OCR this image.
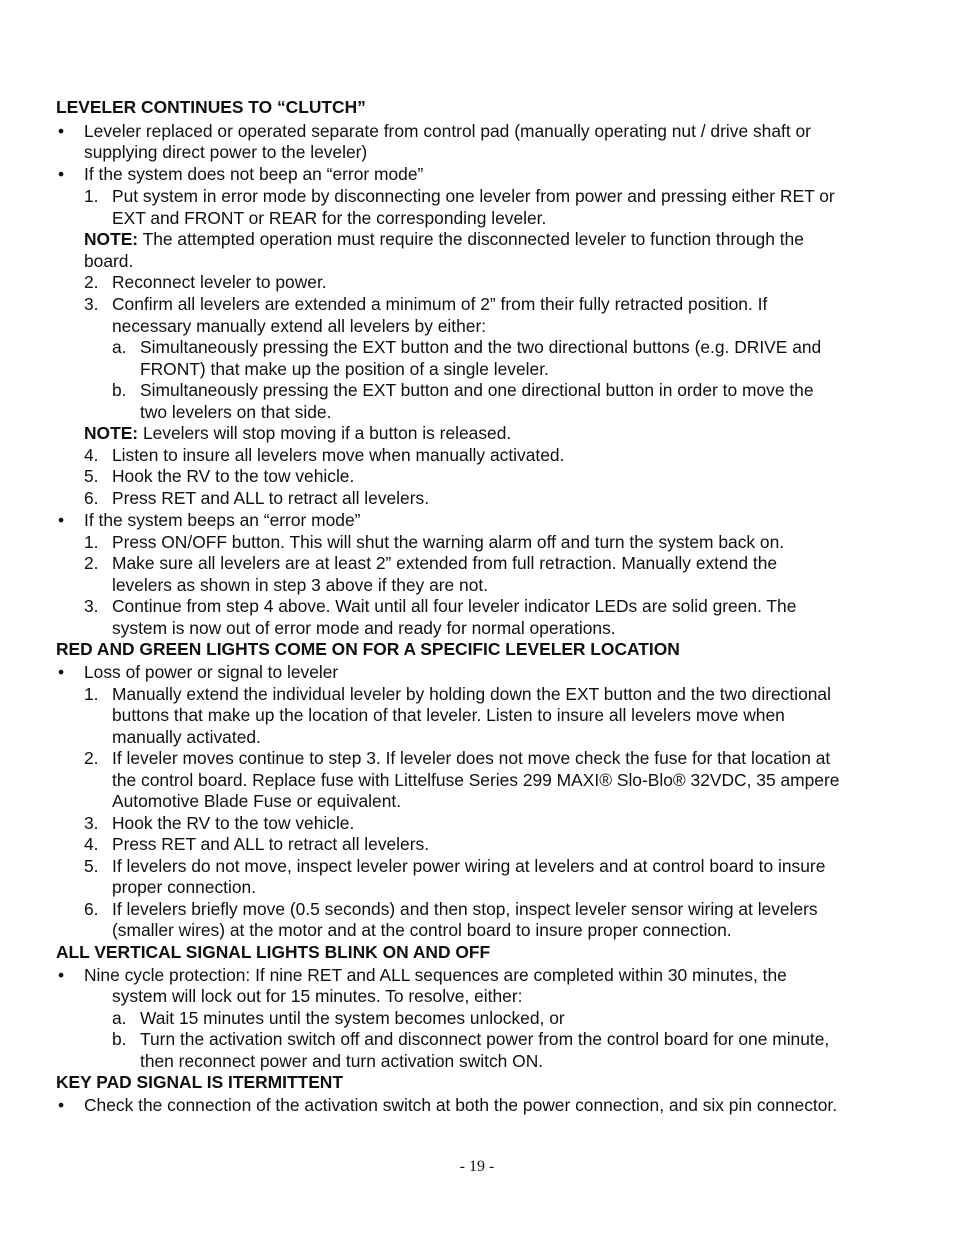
LEVELER CONTINUES TO “CLUTCH”
• Leveler replaced or operated separate from control pad (manually operating nut / drive shaft or
supplying direct power to the leveler)
• If the system does not beep an “error mode”
1. Put system in error mode by disconnecting one leveler from power and pressing either RET or
EXT and FRONT or REAR for the corresponding leveler.
NOTE: The attempted operation must require the disconnected leveler to function through the
board.
2. Reconnect leveler to power.
3. Confirm all levelers are extended a minimum of 2” from their fully retracted position. If
necessary manually extend all levelers by either:
a. Simultaneously pressing the EXT button and the two directional buttons (e.g. DRIVE and
FRONT) that make up the position of a single leveler.
b. Simultaneously pressing the EXT button and one directional button in order to move the
two levelers on that side.
NOTE: Levelers will stop moving if a button is released.
4. Listen to insure all levelers move when manually activated.
5. Hook the RV to the tow vehicle.
6. Press RET and ALL to retract all levelers.
• If the system beeps an “error mode”
1. Press ON/OFF button. This will shut the warning alarm off and turn the system back on.
2. Make sure all levelers are at least 2” extended from full retraction. Manually extend the
levelers as shown in step 3 above if they are not.
3. Continue from step 4 above. Wait until all four leveler indicator LEDs are solid green. The
system is now out of error mode and ready for normal operations.
RED AND GREEN LIGHTS COME ON FOR A SPECIFIC LEVELER LOCATION
• Loss of power or signal to leveler
1. Manually extend the individual leveler by holding down the EXT button and the two directional
buttons that make up the location of that leveler. Listen to insure all levelers move when
manually activated.
2. If leveler moves continue to step 3. If leveler does not move check the fuse for that location at
the control board. Replace fuse with Littelfuse Series 299 MAXI® Slo-Blo® 32VDC, 35 ampere
Automotive Blade Fuse or equivalent.
3. Hook the RV to the tow vehicle.
4. Press RET and ALL to retract all levelers.
5. If levelers do not move, inspect leveler power wiring at levelers and at control board to insure
proper connection.
6. If levelers briefly move (0.5 seconds) and then stop, inspect leveler sensor wiring at levelers
(smaller wires) at the motor and at the control board to insure proper connection.
ALL VERTICAL SIGNAL LIGHTS BLINK ON AND OFF
• Nine cycle protection: If nine RET and ALL sequences are completed within 30 minutes, the
system will lock out for 15 minutes. To resolve, either:
a. Wait 15 minutes until the system becomes unlocked, or
b. Turn the activation switch off and disconnect power from the control board for one minute,
then reconnect power and turn activation switch ON.
KEY PAD SIGNAL IS ITERMITTENT
• Check the connection of the activation switch at both the power connection, and six pin connector.
- 19 -
